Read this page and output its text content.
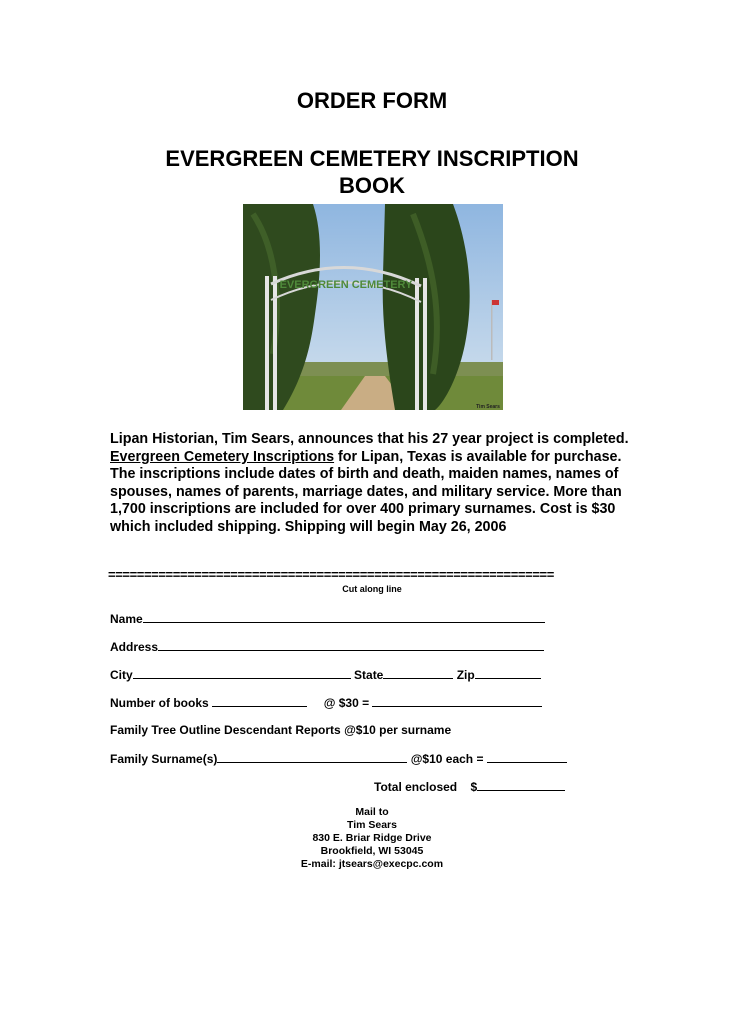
ORDER FORM
EVERGREEN CEMETERY INSCRIPTION
BOOK
EVERGREEN CEMETERY
Tim Sears
Lipan Historian, Tim Sears, announces that his 27 year project is completed. Evergreen Cemetery Inscriptions for Lipan, Texas is available for purchase. The inscriptions include dates of birth and death, maiden names, names of spouses, names of parents, marriage dates, and military service. More than 1,700 inscriptions are included for over 400 primary surnames. Cost is $30 which included shipping. Shipping will begin May 26, 2006
==============================================================
Cut along line
Name
Address
City	State	Zip
Number of books	@ $30 =
Family Tree Outline Descendant Reports @$10 per surname
Family Surname(s)	@$10 each =
Total enclosed $
Mail to
Tim Sears
830 E. Briar Ridge Drive
Brookfield, WI 53045
E-mail: jtsears@execpc.com
